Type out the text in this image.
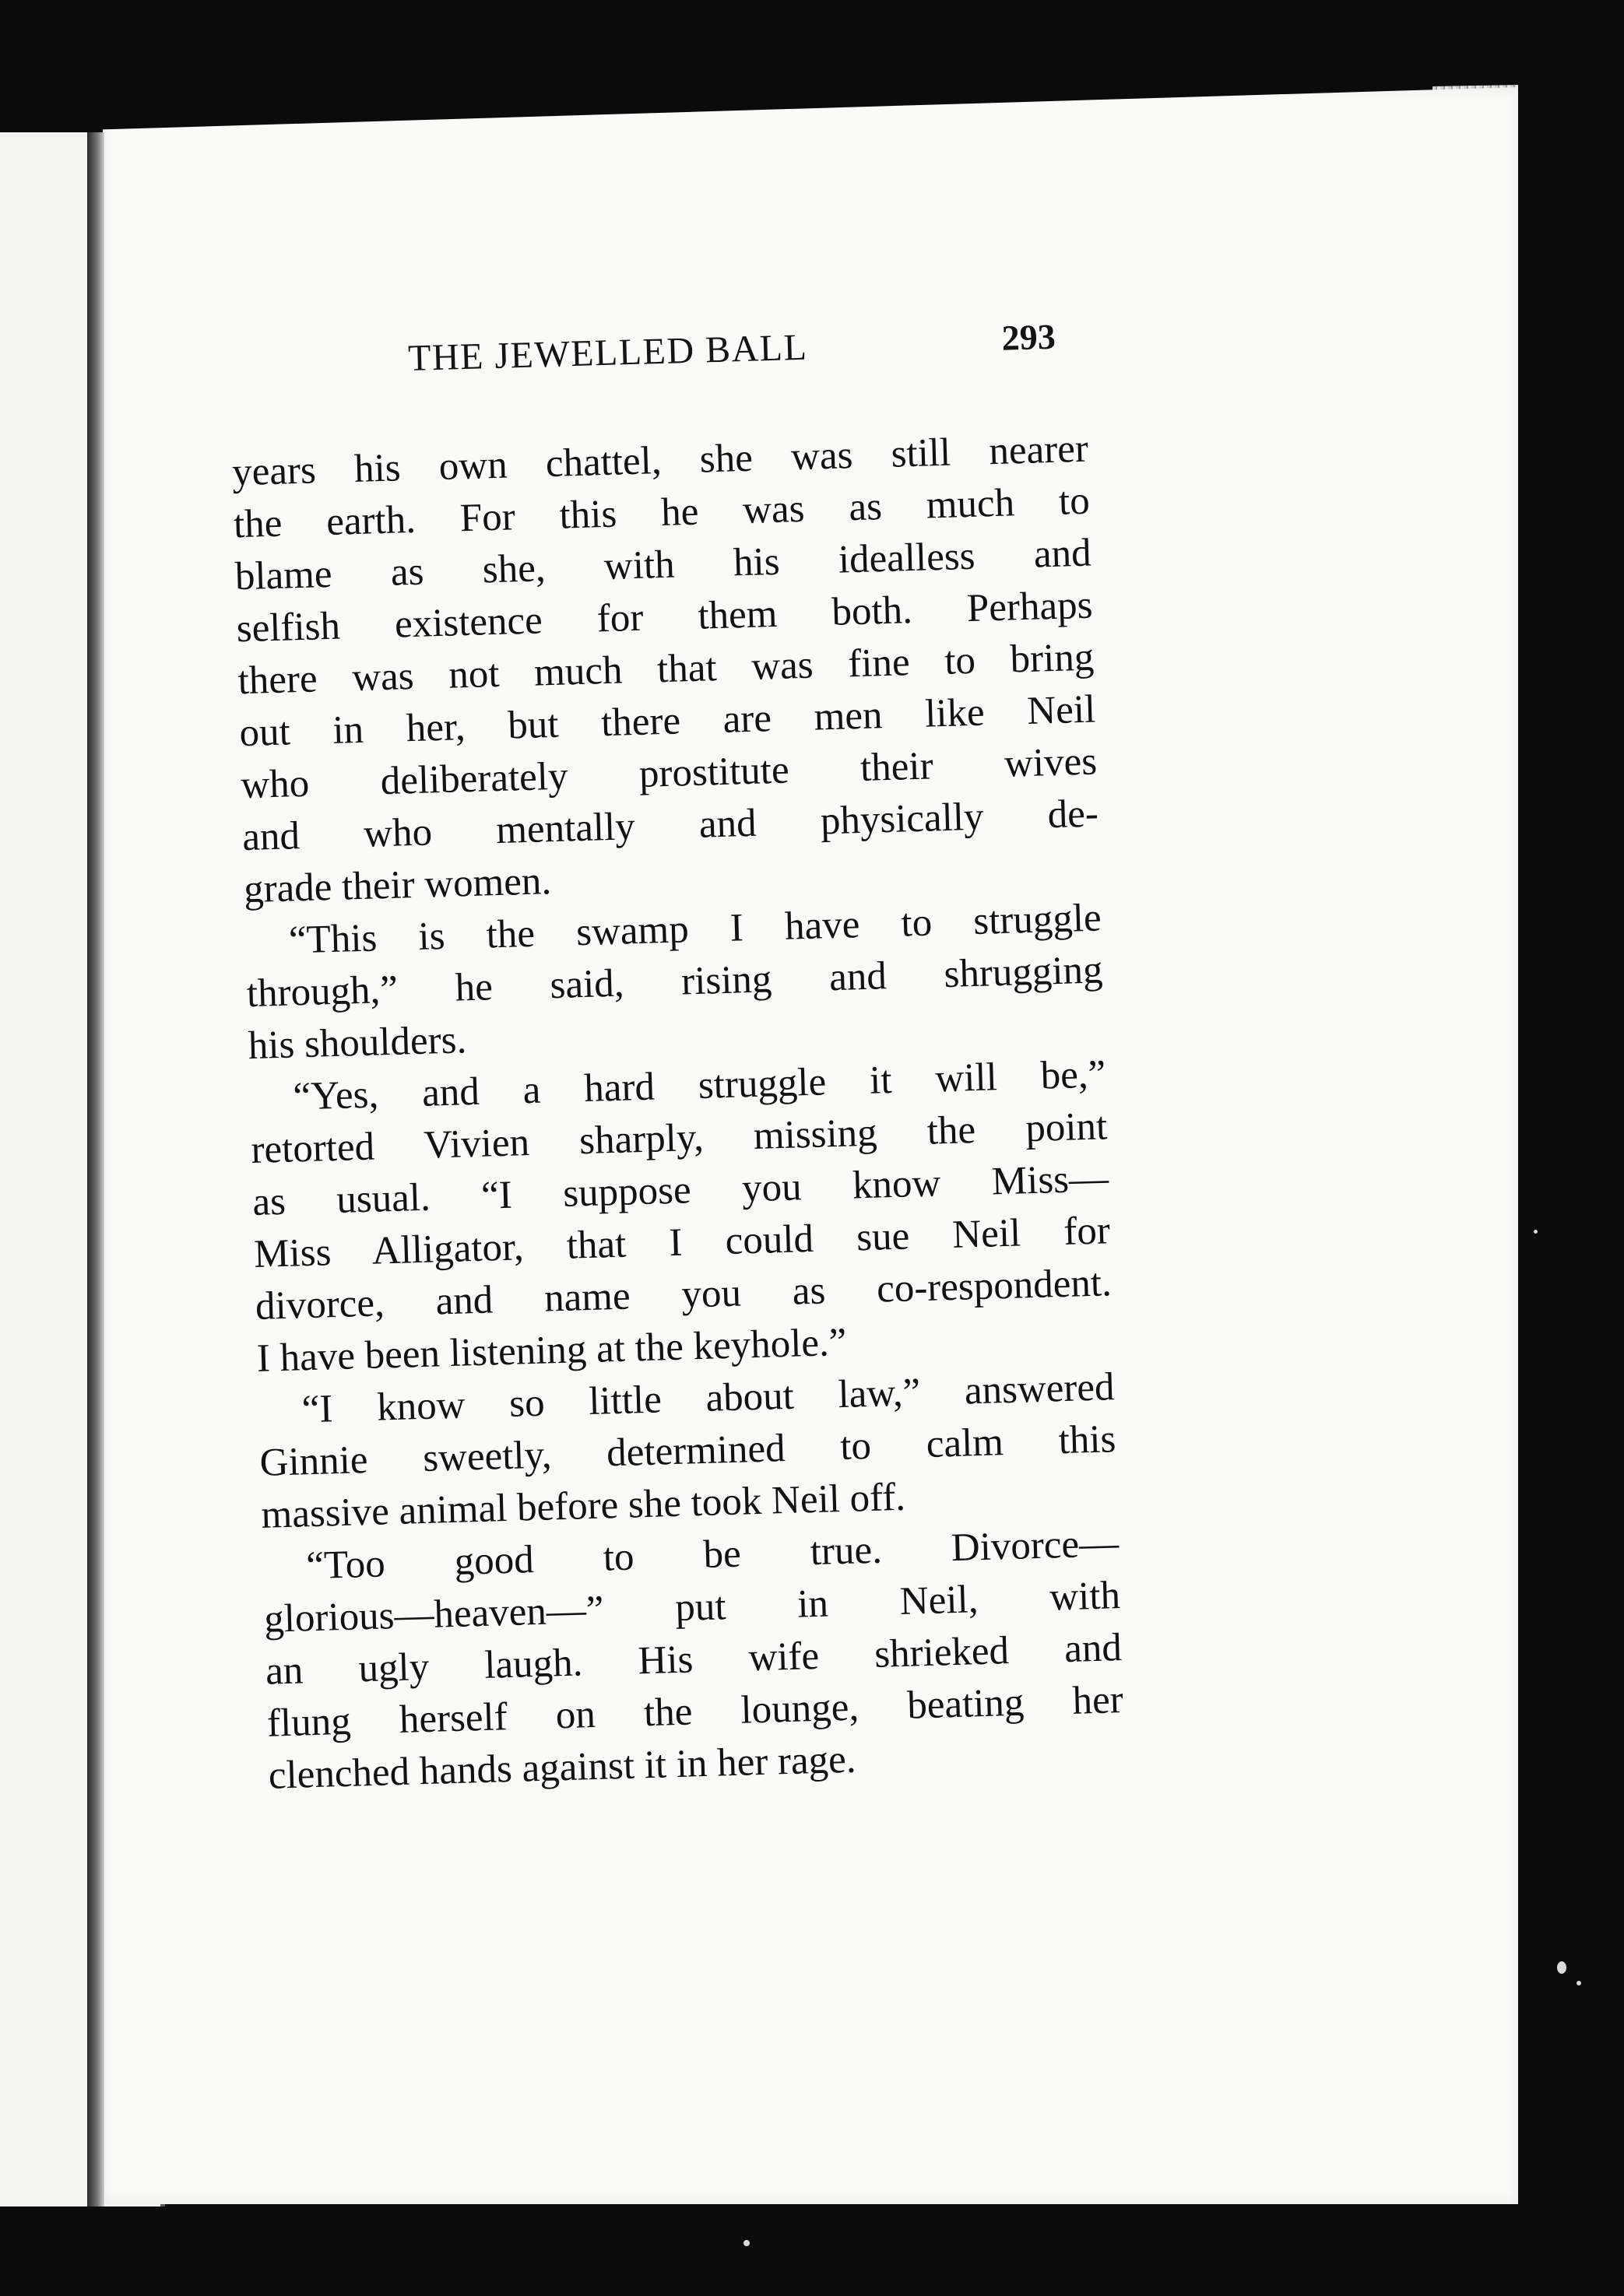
THE JEWELLED BALL	293
years his own chattel, she was still nearer
the earth. For this he was as much to
blame as she, with his idealless and
selfish existence for them both. Perhaps
there was not much that was fine to bring
out in her, but there are men like Neil
who deliberately prostitute their wives
and who mentally and physically de-
grade their women.
“This is the swamp I have to struggle
through,” he said, rising and shrugging
his shoulders.
“Yes, and a hard struggle it will be,”
retorted Vivien sharply, missing the point
as usual. “I suppose you know Miss—
Miss Alligator, that I could sue Neil for
divorce, and name you as co-respondent.
I have been listening at the keyhole.”
“I know so little about law,” answered
Ginnie sweetly, determined to calm this
massive animal before she took Neil off.
“Too good to be true. Divorce—
glorious—heaven—” put in Neil, with
an ugly laugh. His wife shrieked and
flung herself on the lounge, beating her
clenched hands against it in her rage.
